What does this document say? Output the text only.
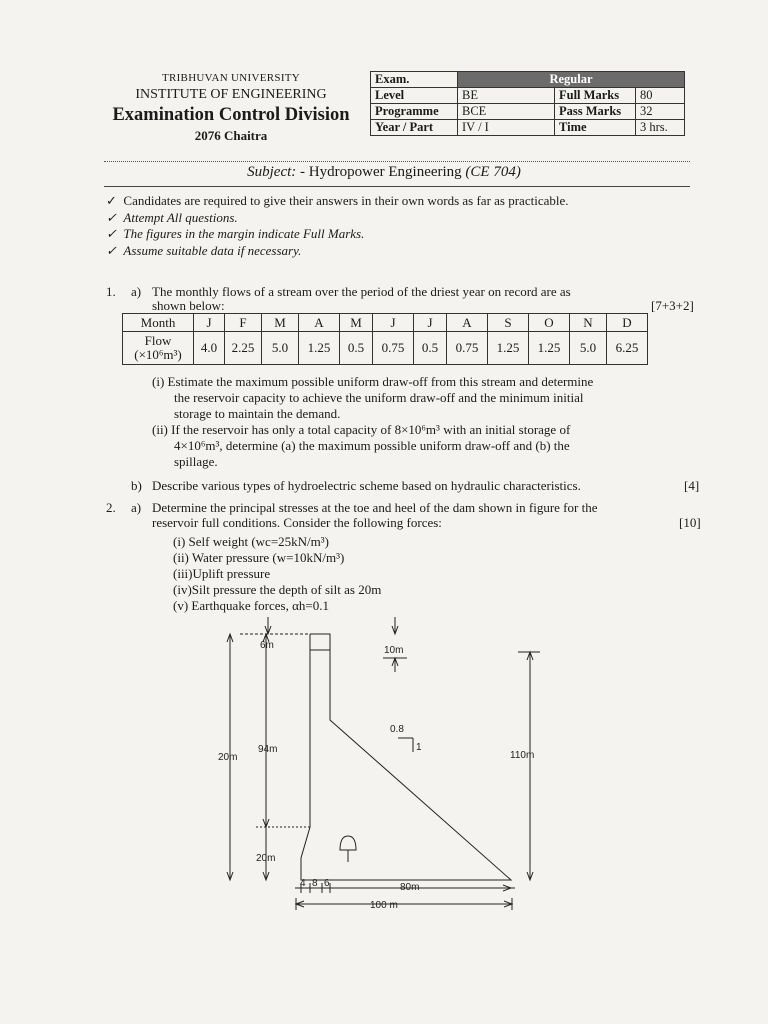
TRIBHUVAN UNIVERSITY
INSTITUTE OF ENGINEERING
Examination Control Division
2076 Chaitra
Exam.	Regular		
Level	BE	Full Marks	80
Programme	BCE	Pass Marks	32
Year / Part	IV / I	Time	3 hrs.
Subject: - Hydropower Engineering (CE 704)
✓ Candidates are required to give their answers in their own words as far as practicable.
✓ Attempt All questions.
✓ The figures in the margin indicate Full Marks.
✓ Assume suitable data if necessary.
1. a) The monthly flows of a stream over the period of the driest year on record are as
shown below:	[7+3+2]
Month	J	F	M	A	M	J	J	A	S	O	N	D
Flow
(×10⁶m³)	4.0	2.25	5.0	1.25	0.5	0.75	0.5	0.75	1.25	1.25	5.0	6.25
(i) Estimate the maximum possible uniform draw-off from this stream and determine
the reservoir capacity to achieve the uniform draw-off and the minimum initial
storage to maintain the demand.
(ii) If the reservoir has only a total capacity of 8×10⁶m³ with an initial storage of
4×10⁶m³, determine (a) the maximum possible uniform draw-off and (b) the
spillage.
b) Describe various types of hydroelectric scheme based on hydraulic characteristics.	[4]
2. a) Determine the principal stresses at the toe and heel of the dam shown in figure for the
reservoir full conditions. Consider the following forces:	[10]
(i) Self weight (wc=25kN/m³)
(ii) Water pressure (w=10kN/m³)
(iii)Uplift pressure
(iv)Silt pressure the depth of silt as 20m
(v) Earthquake forces, αh=0.1
6m	10m
20m
94m
110m
20m
0.8
1
4 8 6	80m
100 m
